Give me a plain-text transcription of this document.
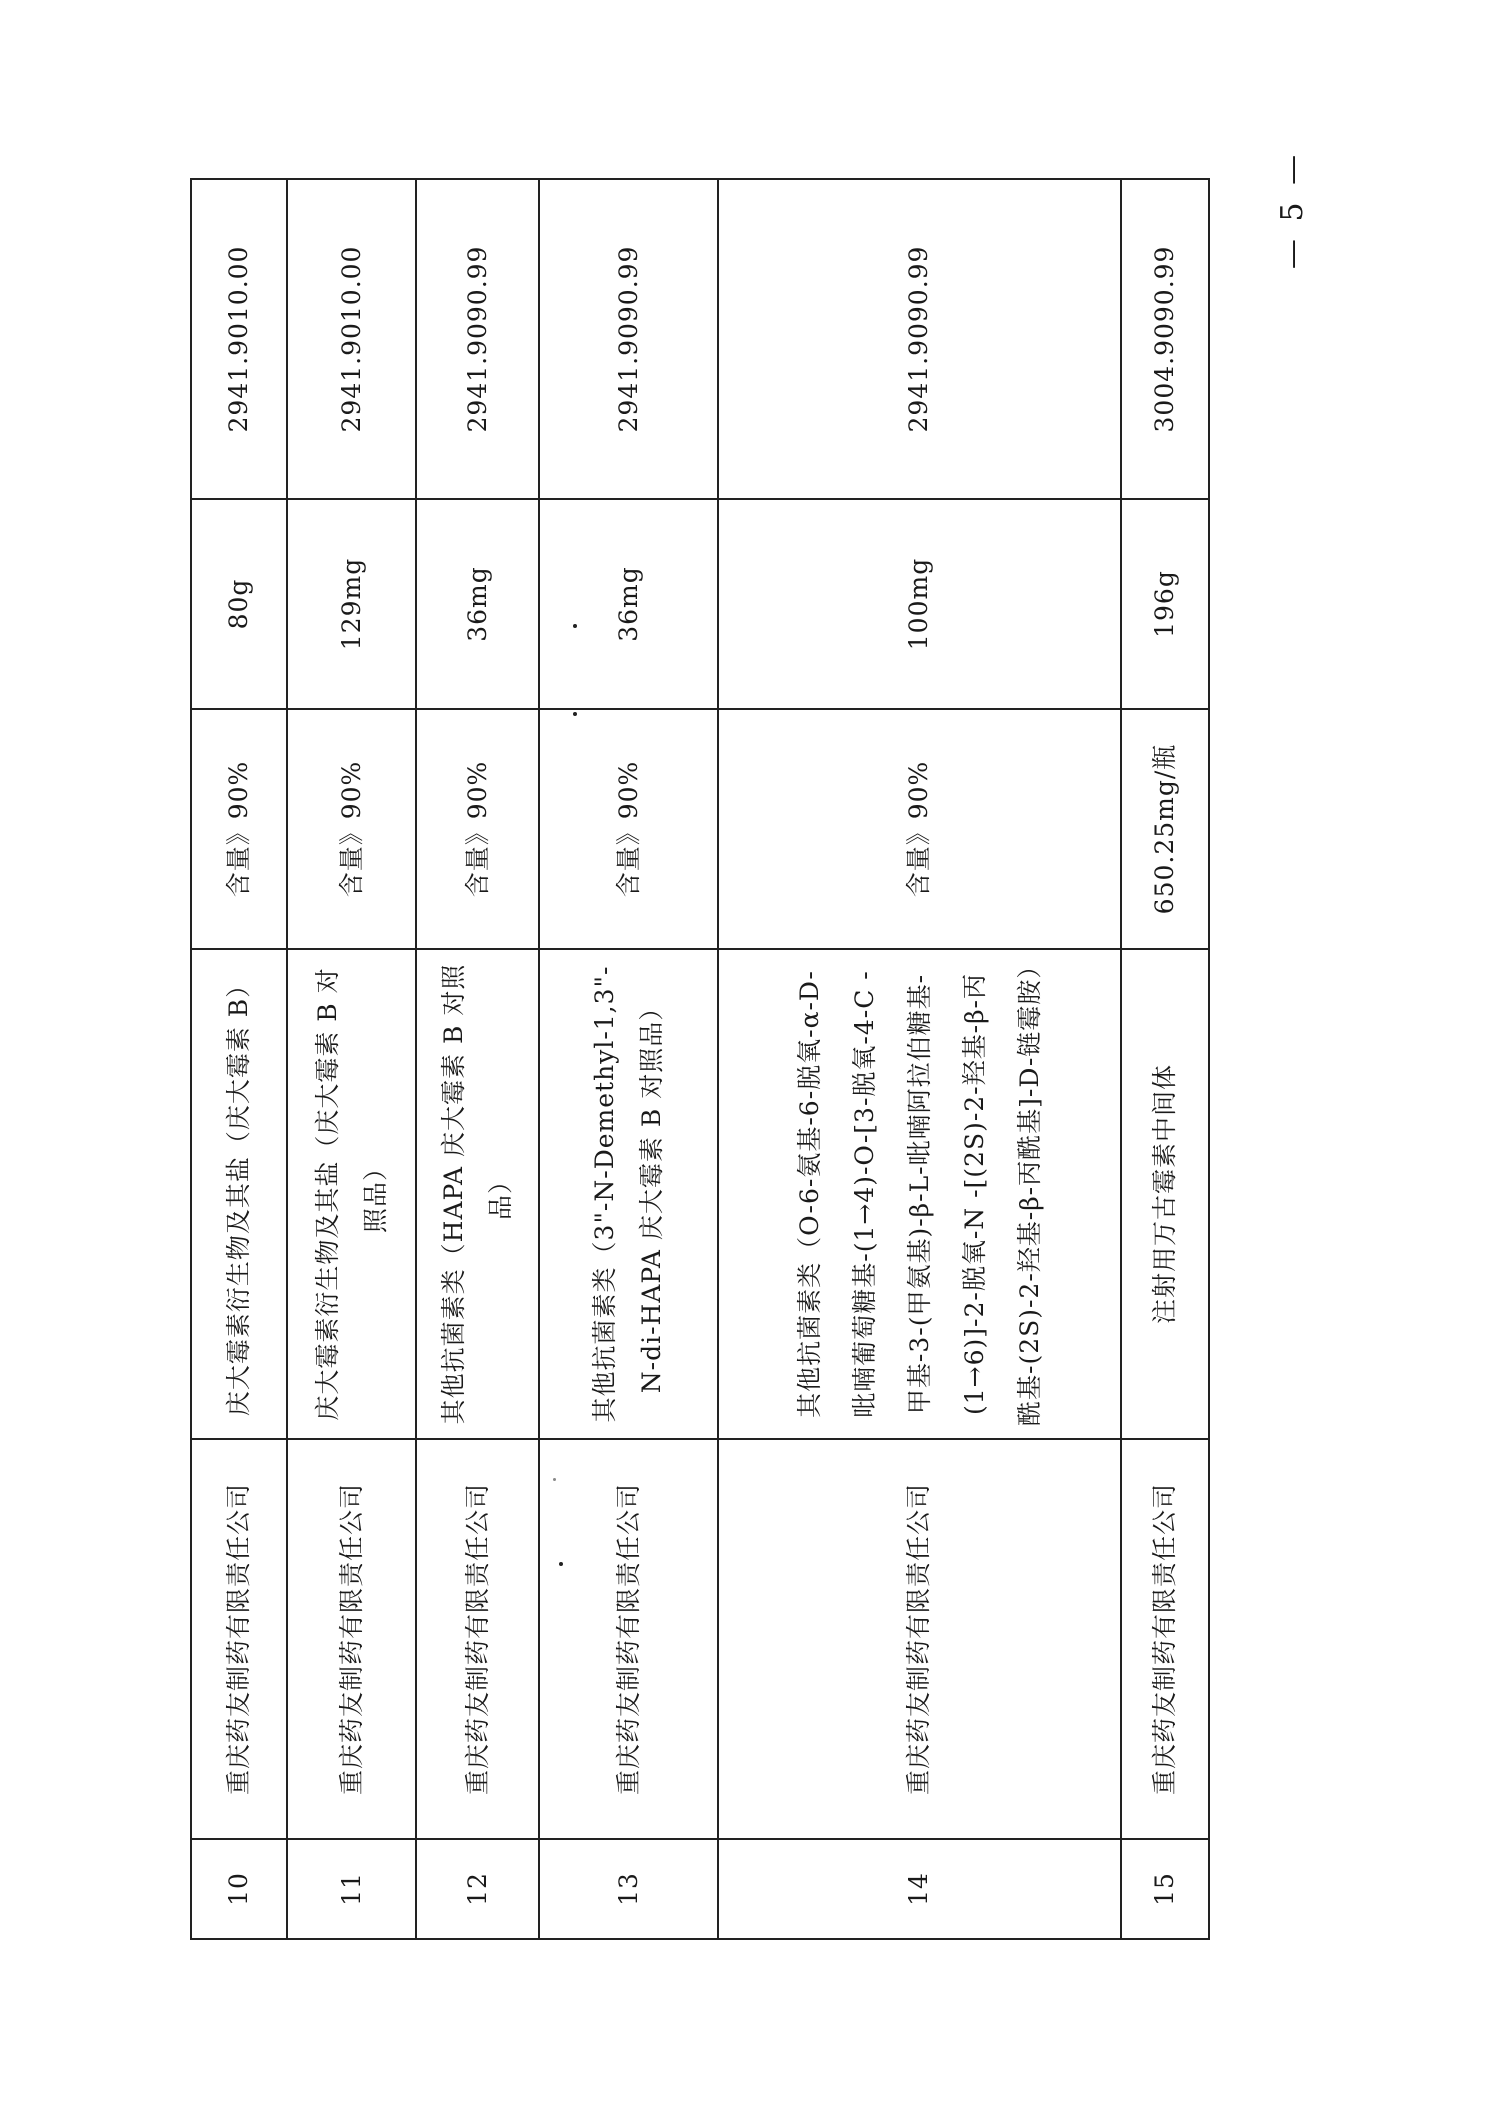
10	重庆药友制药有限责任公司	庆大霉素衍生物及其盐（庆大霉素 B）	含量》90%	80g	2941.9010.00
11	重庆药友制药有限责任公司	庆大霉素衍生物及其盐（庆大霉素 B 对照品）	含量》90%	129mg	2941.9010.00
12	重庆药友制药有限责任公司	其他抗菌素类（HAPA 庆大霉素 B 对照品）	含量》90%	36mg	2941.9090.99
13	重庆药友制药有限责任公司	其他抗菌素类（3"-N-Demethyl-1,3"-N-di-HAPA 庆大霉素 B 对照品）	含量》90%	36mg	2941.9090.99
14	重庆药友制药有限责任公司	其他抗菌素类（O-6-氨基-6-脱氧-α-D-吡喃葡萄糖基-(1→4)-O-[3-脱氧-4-C -甲基-3-(甲氨基)-β-L-吡喃阿拉伯糖基-(1→6)]-2-脱氧-N -[(2S)-2-羟基-β-丙酰基-(2S)-2-羟基-β-丙酰基]-D-链霉胺）	含量》90%	100mg	2941.9090.99
15	重庆药友制药有限责任公司	注射用万古霉素中间体	650.25mg/瓶	196g	3004.9090.99
— 5 —
